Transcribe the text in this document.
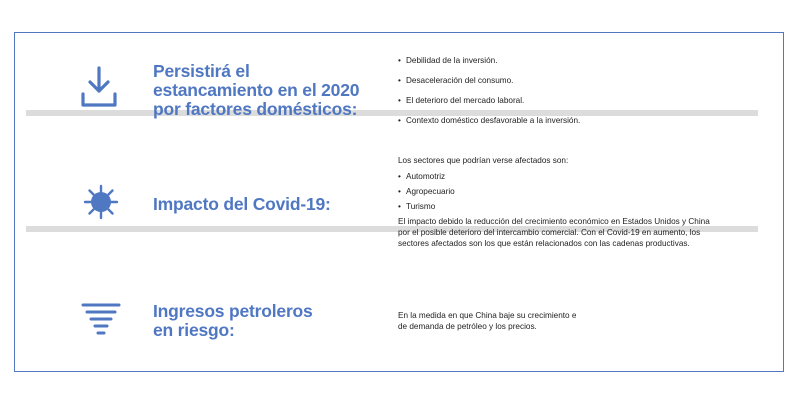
Persistirá el
estancamiento en el 2020
por factores domésticos:
• Debilidad de la inversión.
• Desaceleración del consumo.
• El deterioro del mercado laboral.
• Contexto doméstico desfavorable a la inversión.
Impacto del Covid-19:

Los sectores que podrían verse afectados son:

• Automotriz
• Agropecuario
• Turismo

El impacto debido la reducción del crecimiento económico en Estados Unidos y China

por el posible deterioro del intercambio comercial. Con el Covid-19 en aumento, los

sectores afectados son los que están relacionados con las cadenas productivas.

Ingresos petroleros
en riesgo:

En la medida en que China baje su crecimiento e

de demanda de petróleo y los precios.
